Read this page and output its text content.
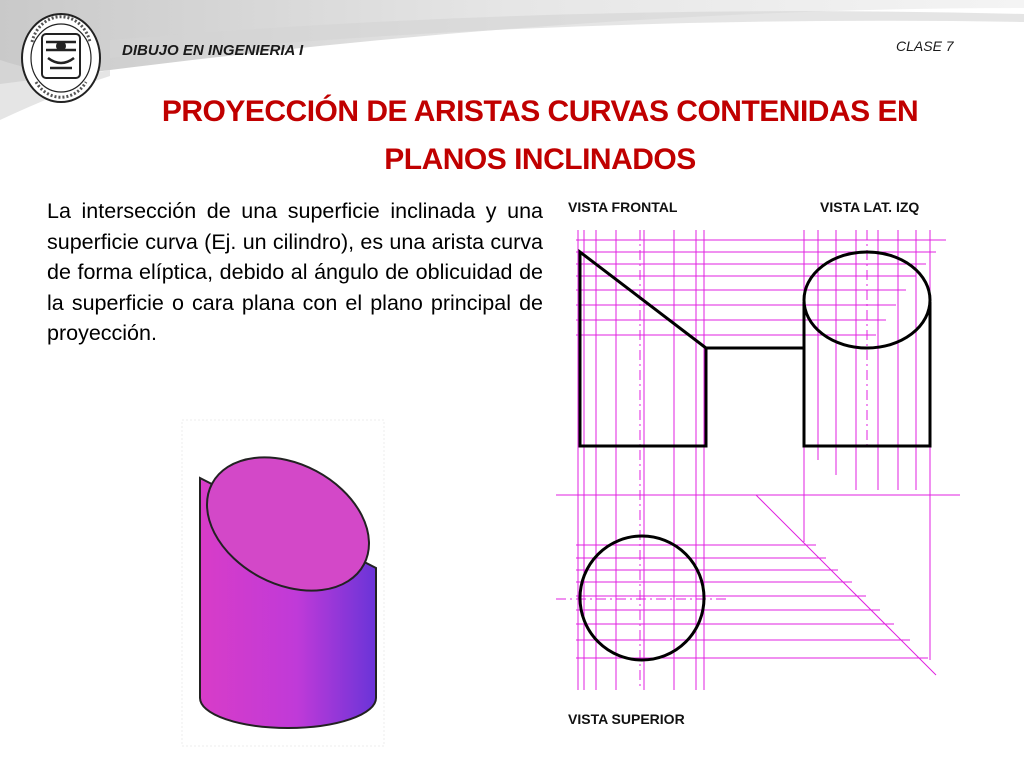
DIBUJO EN INGENIERIA I	CLASE 7
PROYECCIÓN DE ARISTAS CURVAS CONTENIDAS EN
PLANOS INCLINADOS
La intersección de una superficie inclinada y una superficie curva (Ej. un cilindro), es una arista curva de forma elíptica, debido al ángulo de oblicuidad de la superficie o cara plana con el plano principal de proyección.
VISTA FRONTAL	VISTA LAT. IZQ
VISTA SUPERIOR
